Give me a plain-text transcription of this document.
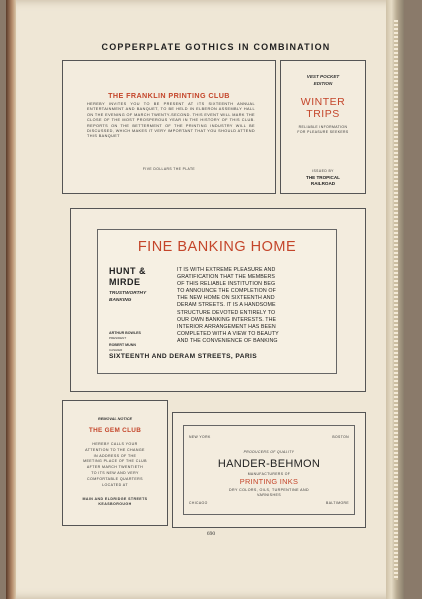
COPPERPLATE GOTHICS IN COMBINATION
THE FRANKLIN PRINTING CLUB
HEREBY INVITES YOU TO BE PRESENT AT ITS SIXTEENTH ANNUAL ENTERTAINMENT AND BANQUET, TO BE HELD IN ELBERON ASSEMBLY HALL ON THE EVENING OF MARCH TWENTY-SECOND. THIS EVENT WILL MARK THE CLOSE OF THE MOST PROSPEROUS YEAR IN THE HISTORY OF THIS CLUB. REPORTS ON THE BETTERMENT OF THE PRINTING INDUSTRY WILL BE DISCUSSED, WHICH MAKES IT VERY IMPORTANT THAT YOU SHOULD ATTEND THIS BANQUET
FIVE DOLLARS THE PLATE
VEST POCKET
EDITION
WINTER
TRIPS
RELIABLE INFORMATION FOR PLEASURE SEEKERS
ISSUED BY
THE TROPICAL
RAILROAD
FINE BANKING HOME
HUNT &
MIRDE
TRUSTWORTHY
BANKING
ARTHUR BOWLES
PRESIDENT
ROBERT MUNN
CASHIER
IT IS WITH EXTREME PLEASURE AND
GRATIFICATION THAT THE MEMBERS
OF THIS RELIABLE INSTITUTION BEG
TO ANNOUNCE THE COMPLETION OF
THE NEW HOME ON SIXTEENTH AND
DERAM STREETS. IT IS A HANDSOME
STRUCTURE DEVOTED ENTIRELY TO
OUR OWN BANKING INTERESTS. THE
INTERIOR ARRANGEMENT HAS BEEN
COMPLETED WITH A VIEW TO BEAUTY
AND THE CONVENIENCE OF BANKING
SIXTEENTH AND DERAM STREETS, PARIS
REMOVAL NOTICE
THE GEM CLUB
HEREBY CALLS YOUR
ATTENTION TO THE CHANGE
IN ADDRESS OF THE
MEETING PLACE OF THE CLUB
AFTER MARCH TWENTIETH
TO ITS NEW AND VERY
COMFORTABLE QUARTERS
LOCATED AT
MAIN AND ELDRIDGE STREETS
KEASBOROUGH
NEW YORK	BOSTON
PRODUCERS OF QUALITY
HANDER-BEHMON
MANUFACTURERS OF
PRINTING INKS
DRY COLORS, OILS, TURPENTINE AND
VARNISHES
CHICAGO	BALTIMORE
690
